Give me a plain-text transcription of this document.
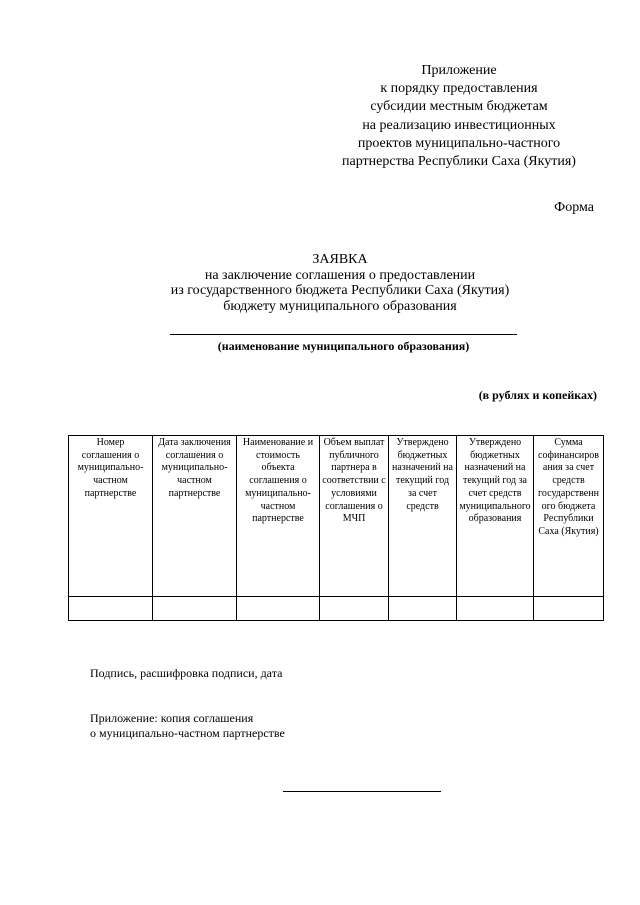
Приложение
к порядку предоставления
субсидии местным бюджетам
на реализацию инвестиционных
проектов муниципально-частного
партнерства Республики Саха (Якутия)
Форма
ЗАЯВКА
на заключение соглашения о предоставлении
из государственного бюджета Республики Саха (Якутия)
бюджету муниципального образования
(наименование муниципального образования)
(в рублях и копейках)
Номер соглашения о муниципально-частном партнерстве	Дата заключения соглашения о муниципально-частном партнерстве	Наименование и стоимость объекта соглашения о муниципально-частном партнерстве	Объем выплат публичного партнера в соответствии с условиями соглашения о МЧП	Утверждено бюджетных назначений на текущий год за счет средств	Утверждено бюджетных назначений на текущий год за счет средств муниципального образования	Сумма софинансирования за счет средств государственного бюджета Республики Саха (Якутия)

Подпись, расшифровка подписи, дата
Приложение: копия соглашения
о муниципально-частном партнерстве
